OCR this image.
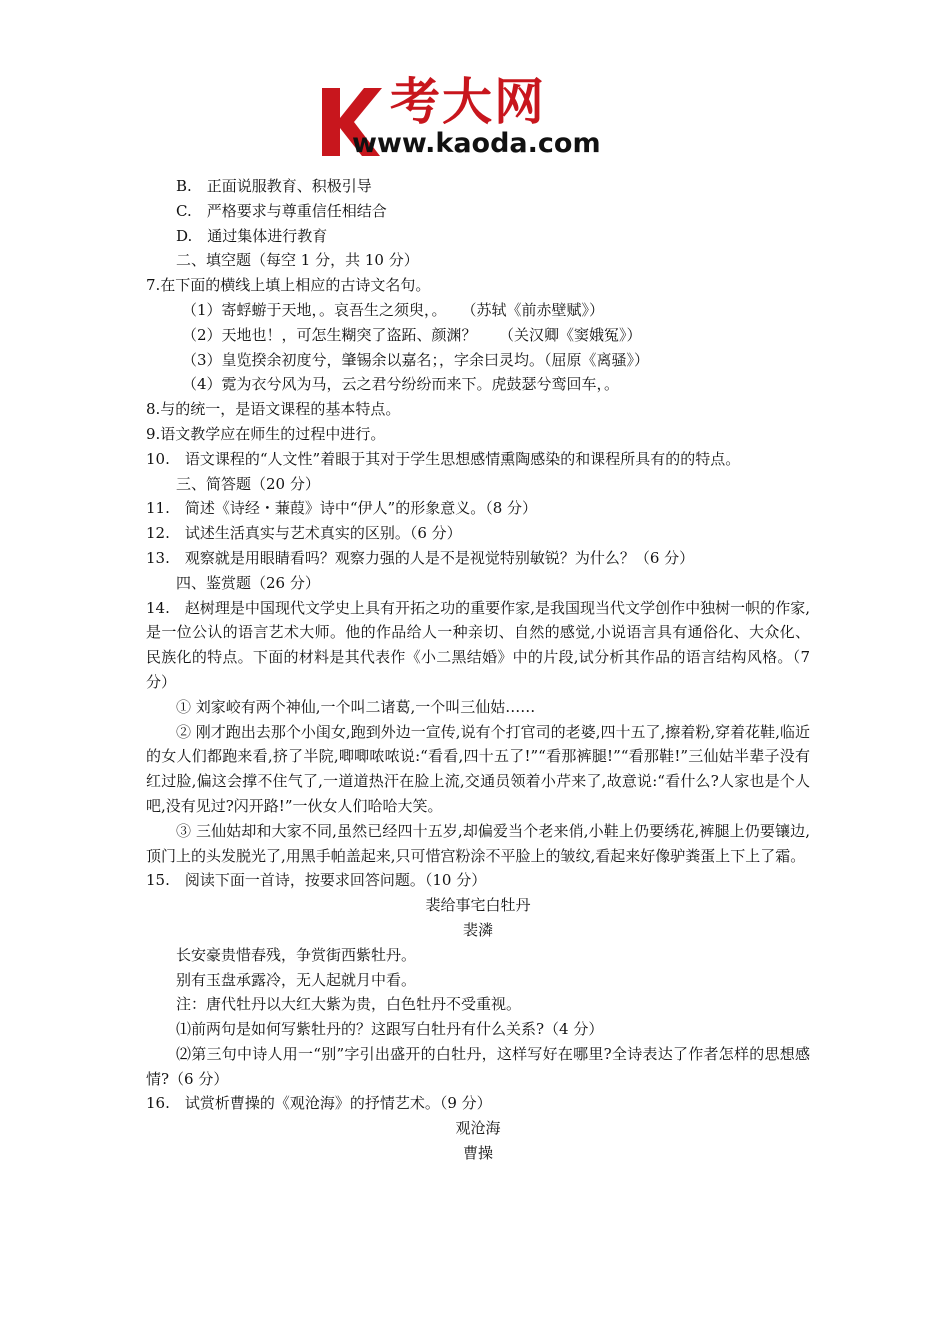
考大网
www.kaoda.com

B.　正面说服教育、积极引导

C.　严格要求与尊重信任相结合

D.　通过集体进行教育

二、填空题（每空 1 分，共 10 分）

7.在下面的横线上填上相应的古诗文名句。

（1）寄蜉蝣于天地，。哀吾生之须臾，。　　（苏轼《前赤壁赋》）

（2）天地也！，可怎生糊突了盗跖、颜渊？　　（关汉卿《窦娥冤》）

（3）皇览揆余初度兮，肇锡余以嘉名；，字余曰灵均。（屈原《离骚》）

（4）霓为衣兮风为马，云之君兮纷纷而来下。虎鼓瑟兮鸾回车，。

8.与的统一，是语文课程的基本特点。

9.语文教学应在师生的过程中进行。

10.　语文课程的“人文性”着眼于其对于学生思想感情熏陶感染的和课程所具有的的特点。

三、简答题（20 分）

11.　简述《诗经・蒹葭》诗中“伊人”的形象意义。（8 分）

12.　试述生活真实与艺术真实的区别。（6 分）

13.　观察就是用眼睛看吗？观察力强的人是不是视觉特别敏锐？为什么？（6 分）

四、鉴赏题（26 分）

14.　赵树理是中国现代文学史上具有开拓之功的重要作家,是我国现当代文学创作中独树一帜的作家,是一位公认的语言艺术大师。他的作品给人一种亲切、自然的感觉,小说语言具有通俗化、大众化、民族化的特点。下面的材料是其代表作《小二黑结婚》中的片段,试分析其作品的语言结构风格。（7 分）

① 刘家峧有两个神仙,一个叫二诸葛,一个叫三仙姑……

② 刚才跑出去那个小闺女,跑到外边一宣传,说有个打官司的老婆,四十五了,擦着粉,穿着花鞋,临近的女人们都跑来看,挤了半院,唧唧哝哝说:“看看,四十五了!”“看那裤腿!”“看那鞋!”三仙姑半辈子没有红过脸,偏这会撑不住气了,一道道热汗在脸上流,交通员领着小芹来了,故意说:“看什么?人家也是个人吧,没有见过?闪开路!”一伙女人们哈哈大笑。

③ 三仙姑却和大家不同,虽然已经四十五岁,却偏爱当个老来俏,小鞋上仍要绣花,裤腿上仍要镶边,顶门上的头发脱光了,用黑手帕盖起来,只可惜宫粉涂不平脸上的皱纹,看起来好像驴粪蛋上下上了霜。

15.　阅读下面一首诗，按要求回答问题。（10 分）

裴给事宅白牡丹

裴潾

长安豪贵惜春残，争赏街西紫牡丹。

别有玉盘承露冷，无人起就月中看。

注：唐代牡丹以大红大紫为贵，白色牡丹不受重视。

⑴前两句是如何写紫牡丹的？这跟写白牡丹有什么关系?（4 分）

⑵第三句中诗人用一“别”字引出盛开的白牡丹，这样写好在哪里?全诗表达了作者怎样的思想感情?（6 分）

16.　试赏析曹操的《观沧海》的抒情艺术。（9 分）

观沧海

曹操
